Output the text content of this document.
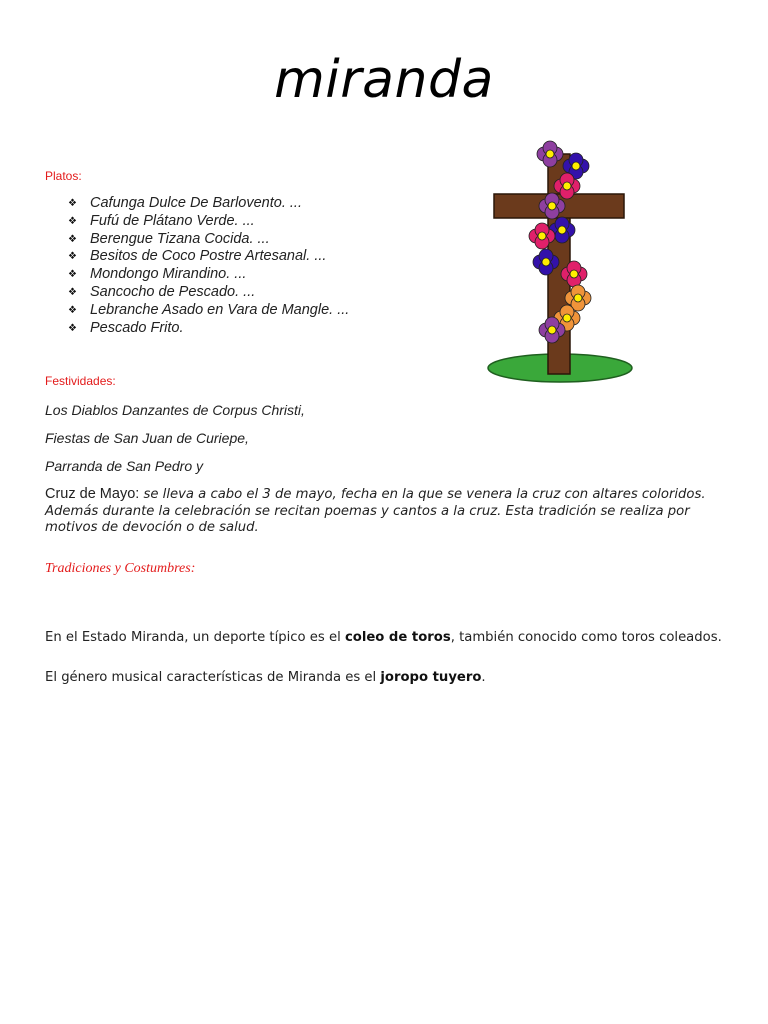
miranda
Platos:
❖ Cafunga Dulce De Barlovento. ...
❖ Fufú de Plátano Verde. ...
❖ Berengue Tizana Cocida. ...
❖ Besitos de Coco Postre Artesanal. ...
❖ Mondongo Mirandino. ...
❖ Sancocho de Pescado. ...
❖ Lebranche Asado en Vara de Mangle. ...
❖ Pescado Frito.
Festividades:
Los Diablos Danzantes de Corpus Christi,
Fiestas de San Juan de Curiepe,
Parranda de San Pedro y
Cruz de Mayo: se lleva a cabo el 3 de mayo, fecha en la que se venera la cruz con altares coloridos. Además durante la celebración se recitan poemas y cantos a la cruz. Esta tradición se realiza por motivos de devoción o de salud.
Tradiciones y Costumbres:
En el Estado Miranda, un deporte típico es el coleo de toros, también conocido como toros coleados.
El género musical características de Miranda es el joropo tuyero.
